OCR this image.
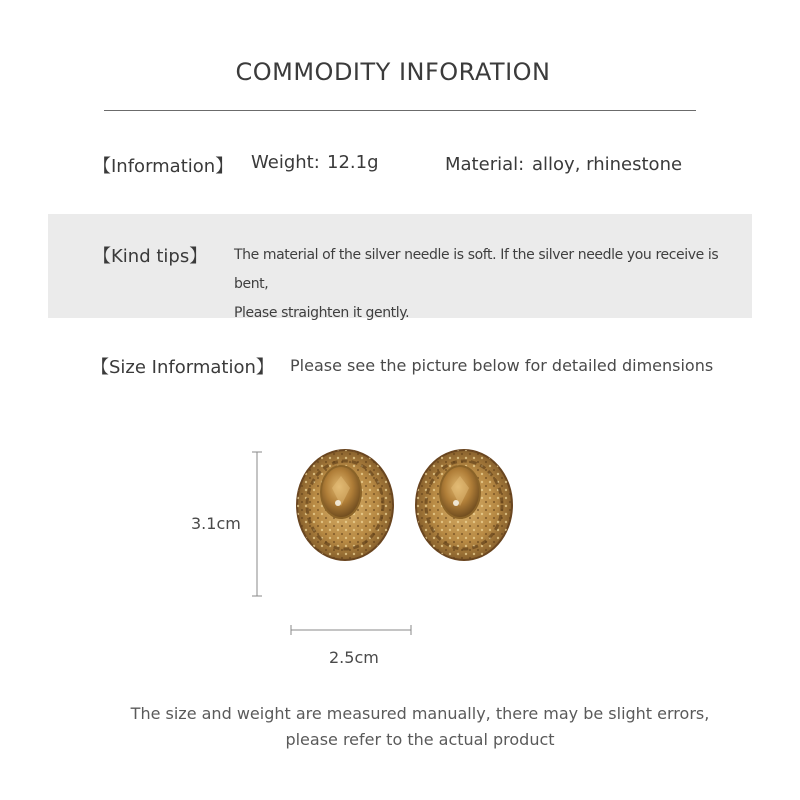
COMMODITY INFORATION
【Information】 Weight: 12.1g	Material: alloy, rhinestone
【Kind tips】 The material of the silver needle is soft. If the silver needle you receive is bent,
Please straighten it gently.
【Size Information】 Please see the picture below for detailed dimensions
3.1cm
2.5cm
The size and weight are measured manually, there may be slight errors,
please refer to the actual product
